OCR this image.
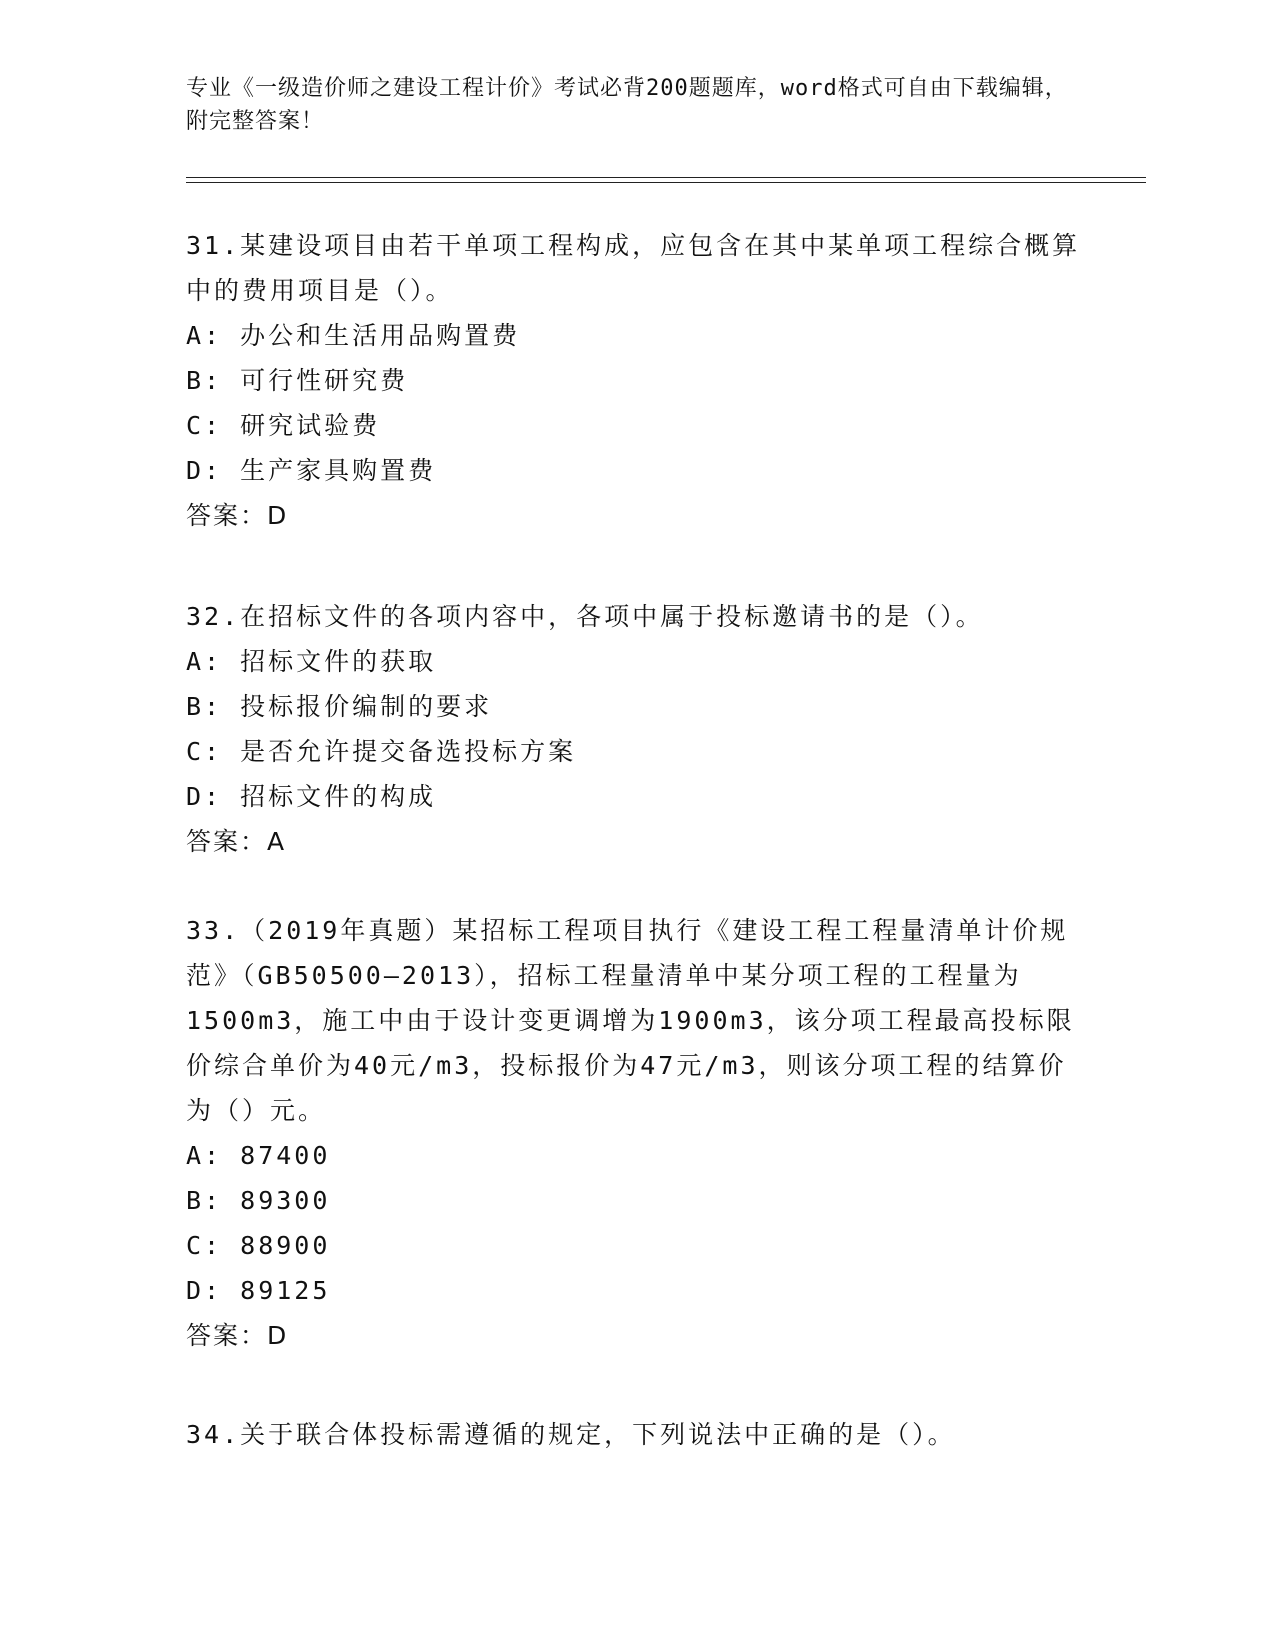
专业《一级造价师之建设工程计价》考试必背200题题库，word格式可自由下载编辑，附完整答案！
31.某建设项目由若干单项工程构成，应包含在其中某单项工程综合概算中的费用项目是（）。
A: 办公和生活用品购置费
B: 可行性研究费
C: 研究试验费
D: 生产家具购置费
答案：D
32.在招标文件的各项内容中，各项中属于投标邀请书的是（）。
A: 招标文件的获取
B: 投标报价编制的要求
C: 是否允许提交备选投标方案
D: 招标文件的构成
答案：A
33.（2019年真题）某招标工程项目执行《建设工程工程量清单计价规范》（GB50500—2013），招标工程量清单中某分项工程的工程量为1500m3，施工中由于设计变更调增为1900m3，该分项工程最高投标限价综合单价为40元/m3，投标报价为47元/m3，则该分项工程的结算价为（）元。
A: 87400
B: 89300
C: 88900
D: 89125
答案：D
34.关于联合体投标需遵循的规定，下列说法中正确的是（）。
